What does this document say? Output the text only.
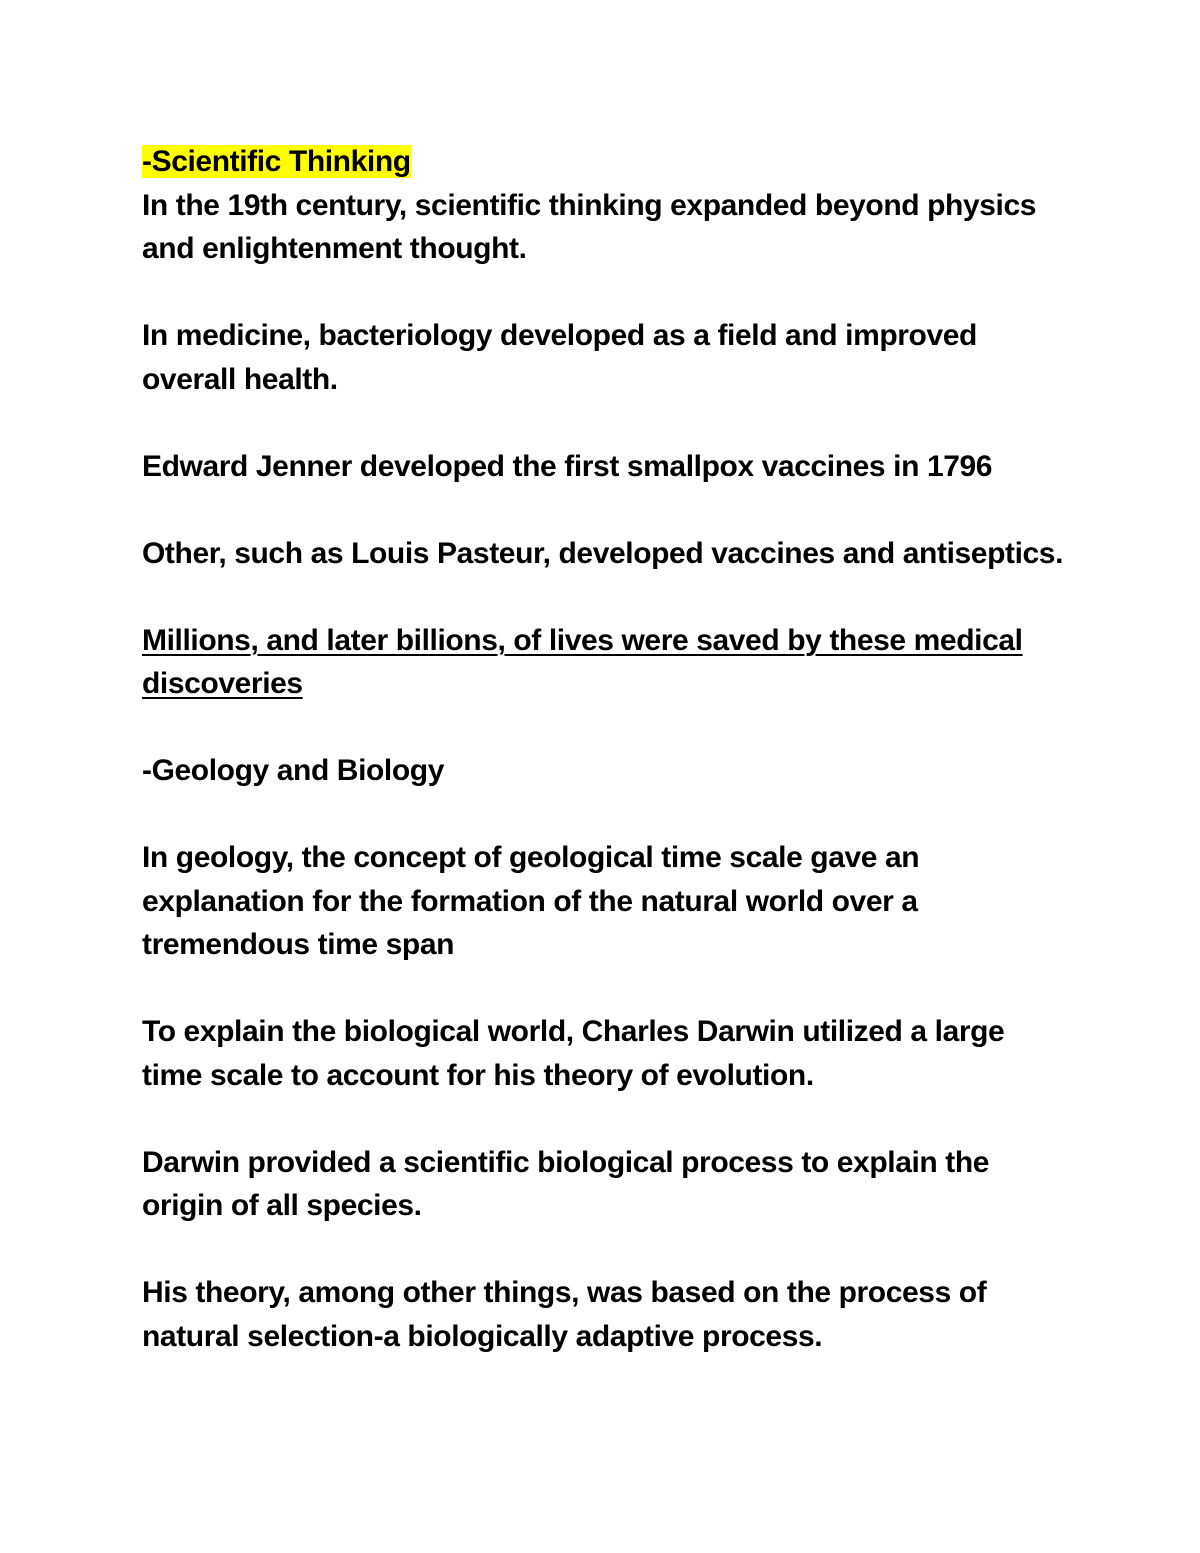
-Scientific Thinking

In the 19th century, scientific thinking expanded beyond physics and enlightenment thought.

In medicine, bacteriology developed as a field and improved overall health.

Edward Jenner developed the first smallpox vaccines in 1796

Other, such as Louis Pasteur, developed vaccines and antiseptics.

Millions, and later billions, of lives were saved by these medical discoveries

-Geology and Biology

In geology, the concept of geological time scale gave an explanation for the formation of the natural world over a tremendous time span

To explain the biological world, Charles Darwin utilized a large time scale to account for his theory of evolution.

Darwin provided a scientific biological process to explain the origin of all species.

His theory, among other things, was based on the process of natural selection-a biologically adaptive process.
